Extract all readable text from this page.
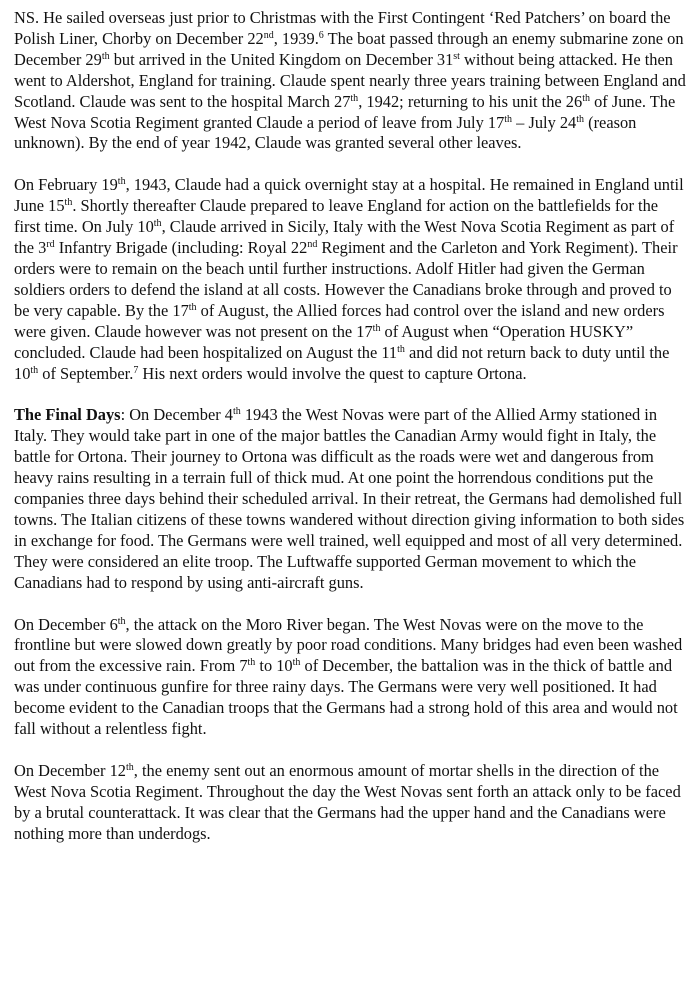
NS. He sailed overseas just prior to Christmas with the First Contingent ‘Red Patchers’ on board the Polish Liner, Chorby on December 22nd, 1939.$^6$ The boat passed through an enemy submarine zone on December 29th but arrived in the United Kingdom on December 31st without being attacked. He then went to Aldershot, England for training. Claude spent nearly three years training between England and Scotland. Claude was sent to the hospital March 27th, 1942; returning to his unit the 26th of June. The West Nova Scotia Regiment granted Claude a period of leave from July 17th – July 24th (reason unknown). By the end of year 1942, Claude was granted several other leaves.

On February 19th, 1943, Claude had a quick overnight stay at a hospital. He remained in England until June 15th. Shortly thereafter Claude prepared to leave England for action on the battlefields for the first time. On July 10th, Claude arrived in Sicily, Italy with the West Nova Scotia Regiment as part of the 3rd Infantry Brigade (including: Royal 22nd Regiment and the Carleton and York Regiment). Their orders were to remain on the beach until further instructions. Adolf Hitler had given the German soldiers orders to defend the island at all costs. However the Canadians broke through and proved to be very capable. By the 17th of August, the Allied forces had control over the island and new orders were given. Claude however was not present on the 17th of August when “Operation HUSKY” concluded. Claude had been hospitalized on August the 11th and did not return back to duty until the 10th of September.$^7$ His next orders would involve the quest to capture Ortona.

The Final Days: On December 4th 1943 the West Novas were part of the Allied Army stationed in Italy. They would take part in one of the major battles the Canadian Army would fight in Italy, the battle for Ortona. Their journey to Ortona was difficult as the roads were wet and dangerous from heavy rains resulting in a terrain full of thick mud. At one point the horrendous conditions put the companies three days behind their scheduled arrival. In their retreat, the Germans had demolished full towns. The Italian citizens of these towns wandered without direction giving information to both sides in exchange for food. The Germans were well trained, well equipped and most of all very determined. They were considered an elite troop. The Luftwaffe supported German movement to which the Canadians had to respond by using anti-aircraft guns.

On December 6th, the attack on the Moro River began. The West Novas were on the move to the frontline but were slowed down greatly by poor road conditions. Many bridges had even been washed out from the excessive rain. From 7th to 10th of December, the battalion was in the thick of battle and was under continuous gunfire for three rainy days. The Germans were very well positioned. It had become evident to the Canadian troops that the Germans had a strong hold of this area and would not fall without a relentless fight.

On December 12th, the enemy sent out an enormous amount of mortar shells in the direction of the West Nova Scotia Regiment. Throughout the day the West Novas sent forth an attack only to be faced by a brutal counterattack. It was clear that the Germans had the upper hand and the Canadians were nothing more than underdogs.
